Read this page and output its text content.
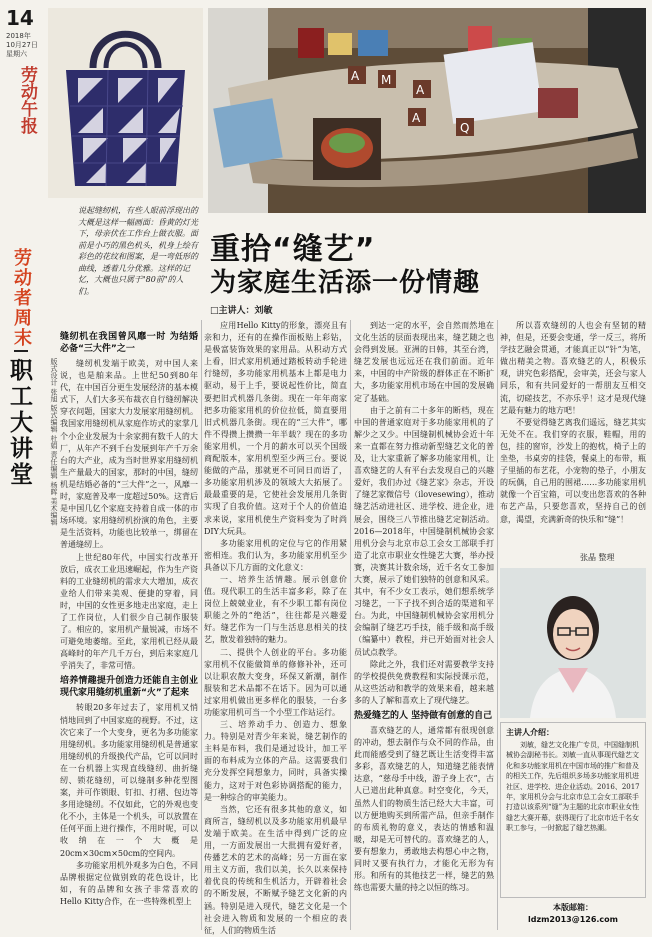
14
2018年
10月27日
星期六
劳动午报	A M
A
A
Q
说起缝纫机，有些人眼前浮现出的大概是这样一幅画面：昏黄的灯光下，母亲伏在工作台上做衣服。面前是小巧的黑色机头，机身上绘有彩色的花纹和图案，是一弯低形的曲线，透着几分优雅。这样的记忆，大概也只属于"80前"的人们。
重拾“缝艺”
为家庭生活添一份情趣
□主讲人：刘敏
劳动者周末
职工大讲堂	版式设计 张旭 版式编辑 杜娟 责任编辑 杨晖 美术编辑
缝纫机在我国曾风靡一时 为结婚必备“三大件”之一

缝纫机发端于欧美，对中国人来说，也是舶来品。上世纪50到80年代，在中国百分更生发展经济的基本模式下，人们大多买布裁衣自行缝纫解决穿衣问题，国家大力发展家用缝纫机。我国家用缝纫机从家庭作坊式的家掌几个小企业发展为十余家拥有数千人的大厂，从年产不到千台发展到年产千万余台的大产业，成为当时世界家用缝纫机生产量最大的国家，那时的中国，缝纫机是结婚必备的“三大件”之一，风靡一时，家庭普及率一度超过50%。这背后是中国几亿个家庭支持着自成一体的市场环境。家用缝纫机扮演的角色，主要是生活资料，功能也比较单一，绑留在普通缝纫上。

上世纪80年代，中国实行改革开放后，成衣工业迅速崛起，作为生产资料的工业缝纫机的需求大大增加，成衣业给人们带来美观、便捷的穿着，同时，中国的女性更多地走出家庭，走上了工作岗位，人们很少自己制作服装了。相应的，家用机产量锐减，市场不可避免地萎缩。至此，家用机已经从最高峰时的年产几千万台，到后来家庭几乎消失了，非常可惜。

培养情趣提升创造力还能自主创业 现代家用缝纫机重新“火”了起来

转眼20多年过去了，家用机又悄悄地回到了中国家庭的视野。不过，这次它来了一个大变身，更名为多功能家用缝纫机。多功能家用缝纫机是普通家用缝纫机的升级换代产品，它可以同时在一台机器上实现直线缝纫、曲折缝纫、锁花缝纫，可以缝制多种花型图案，并可作锁眼、钉扣、打褶、包边等多用途缝纫。不仅如此，它的外观也变化不小，主体是一个机头，可以放置在任何平面上进行操作，不用时呢，可以收纳在一个大概是20cm×30cm×50cm的空间内。

多功能家用机外观多为白色，不同品牌根据定位做别致的花色设计，比如，有的品牌和女孩子非常喜欢的Hello Kitty合作，在一些特殊机型上

应用Hello Kitty的形象，漂亮且有亲和力，还有的在操作面板贴上彩钻，是极富装饰效果的家用品。从积动方式上看，旧式家用机通过踏板转动手轮进行缝纫，多功能家用机基本上都是电力驱动，易于上手，要说起性价比，简直要把旧式机器几条街。现在一年年商家把多功能家用机的价位拉低，简直要用旧式机器几条街。现在的“三大件”，哪件不得攒上攒攒一年半载？现在的多功能家用机，一个月的薪水可以买个国级商配版本，家用机型至少两三台。要说能做的产品，那就更不可同日而语了，多功能家用机涉及的领域大大拓展了。最最重要的是，它使社会发展用几条街实现了自我价值。这对于个人的价值追求来说，家用机使生产资料变为了时尚DIY大玩具。

多功能家用机的定位与它的作用紧密相连。我们认为，多功能家用机至少具备以下几方面的文化意义：

一、培养生活情趣。展示创意价值。现代职工的生活丰富多彩，除了在岗位上兢兢业业，有不少职工都有岗位职能之外的“绝活”，往往都是兴趣爱好。缝艺作为一门与生活息息相关的技艺，散发着独特的魅力。

二、提供个人创业的平台。多功能家用机不仅能做简单的修修补补，还可以让职农散大变身，环保又新潮，制作服装和艺术品都不在话下。因为可以通过家用机做出更多样化的服装，一台多功能家用机可当一个小型工作站运行。

三、培养动手力、创造力、想象力。特别是对青少年来说，缝艺制作的主料是布料，我们是通过设计，加工平面的布料成为立体的产品。这需要我们充分发挥空间想象力，同时，具备实操能力，这对于对色彩协调搭配的能力，是一种综合的审美能力。

当然，它还有很多其他的意义，如商所言，缝纫机以及多功能家用机最早发端于欧美。在生活中得到广泛的应用，一方面发展出一大批拥有爱好者，传播艺术的艺术的高峰；另一方面在家用主义方面，我们以美，长久以来保持着优良的传统和生机活力，开辟着社会的不断发展，不断赋予缝艺文化新的内涵。特别是进入现代，缝艺文化是一个社会进入物质和发展的一个相应的表征，人们的物质生活

到达一定的水平，会自然而然地在文化生活的层面表现出来，缝艺随之也会得到发展。亚洲的日韩，其至台湾，缝艺发展也远远还在我们前面。近年来，中国的中产阶级的群体正在不断扩大，多功能家用机市场在中国的发展确定了基础。

由于之前有二十多年的断档，现在中国的普通家庭对于多功能家用机的了解少之又少。中国缝制机械协会近十年来一直都在努力推动新型缝艺文化的普及，让大家重新了解多功能家用机，让喜欢缝艺的人有平台去发现自己的兴趣爱好，我们办过《缝艺家》杂志，开设了缝艺家微信号（ilovesewing），推动缝艺活动进社区、进学校、进企业，进展会，围绕三八节推出缝艺定制活动。2016—2018年，中国缝制机械协会家用机分会与北京市总工会女工部联手打造了北京市职业女性缝艺大赛，举办授赛，决赛其计数余场，近千名女工参加大赛，展示了她们独特的创意和风采。其中，有不少女工表示，她们想系统学习缝艺，一下子找不到合适的渠道和平台。为此，中国缝制机械协会家用机分会编制了缝艺巧手技，能手级和高手级（编纂中）教程，并已开始面对社会人员试点教学。

除此之外，我们还对需要教学支持的学校提供免费教程和实际授课示范，从这些活动和教学的效果来看，越来越多的人了解和喜欢上了现代缝艺。

热爱缝艺的人 坚持做有创意的自己

喜欢缝艺的人，通常都有很现创意的冲动，想去制作与众不同的作品，由此而能感受到了缝艺既让生活变得丰富多彩，喜欢缝艺的人，知道缝艺能表情达意，“慈母手中线，游子身上衣”，古人已道出此种真意。时空变化，今天，虽然人们的物质生活已经大大丰富，可以方便地购买到所需产品，但亲手制作的布质礼物的意义，表达的情感和温暖，却是无可替代的。喜欢缝艺的人，要有想象力，勇敢地去构想心中之物，同时又要有执行力，才能化无形为有形。和所有的其他技艺一样，缝艺的熟练也需要大量的持之以恒的练习。

所以喜欢缝纫的人也会有坚韧的精神，但是，还要会变通，学一反三，将所学技艺融会贯通，才能真正以“针”为笔，做出精美之物。喜欢缝艺的人，积极乐观，讲究色彩搭配，会审美，还会与家人同乐，和有共同爱好的一帮朋友互相交流，切磋技艺，不亦乐乎！这才是现代缝艺最有魅力的地方吧！

不要觉得缝艺离我们遥远，缝艺其实无处不在。我们穿的衣服，鞋帽，用的包，挂的窗帘，沙发上的抱枕，椅子上的坐垫，书桌旁的挂袋，餐桌上的布带，瓶子里插的布艺花，小宠物的垫子，小朋友的玩偶，自己用的围裙……多功能家用机就像一个百宝箱，可以变出您喜欢的各种布艺产品，只要您喜欢，坚持自己的创意，渴望，充满新奇的快乐和“缝”！

张晶 整理
主讲人介绍：
刘敏，缝艺文化推广专员，中国缝制机械协会副秘书长。刘敏一直从事现代缝艺文化和多功能家用机在中国市场的推广和普及的相关工作，先后组织多场多功能家用机进社区、进学校、进企业活动。2016、2017年，家用机分会与北京市总工会女工部联手打造以该系列“缝”为主题的北京市职业女性缝艺大赛开幕，获得现行了北京市近千名女职工参与，一时掀起了缝艺热潮。
本版邮箱：
ldzm2013@126.com
